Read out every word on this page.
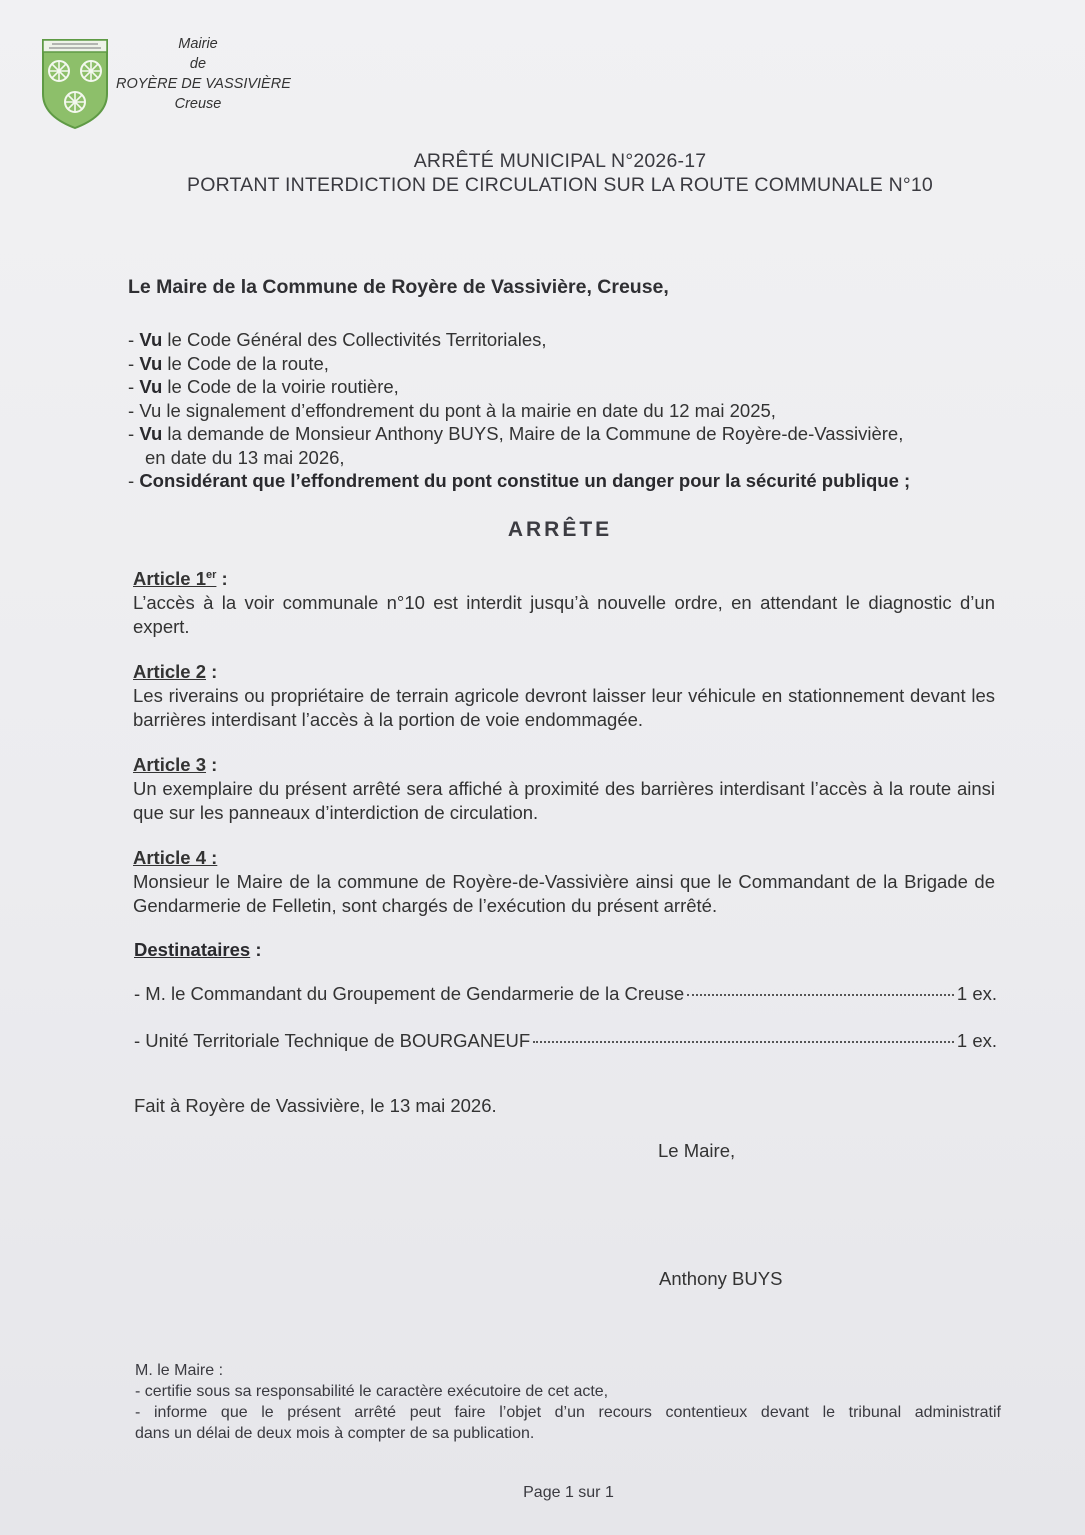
Mairie
de
ROYÈRE DE VASSIVIÈRE
Creuse
ARRÊTÉ MUNICIPAL N°2026-17
PORTANT INTERDICTION DE CIRCULATION SUR LA ROUTE COMMUNALE N°10
Le Maire de la Commune de Royère de Vassivière, Creuse,
- Vu le Code Général des Collectivités Territoriales,
- Vu le Code de la route,
- Vu le Code de la voirie routière,
- Vu le signalement d’effondrement du pont à la mairie en date du 12 mai 2025,
- Vu la demande de Monsieur Anthony BUYS, Maire de la Commune de Royère-de-Vassivière,
en date du 13 mai 2026,
- Considérant que l’effondrement du pont constitue un danger pour la sécurité publique ;
ARRÊTE
Article 1er :
L’accès à la voir communale n°10 est interdit jusqu’à nouvelle ordre, en attendant le diagnostic d’un expert.
Article 2 :
Les riverains ou propriétaire de terrain agricole devront laisser leur véhicule en stationnement devant les barrières interdisant l’accès à la portion de voie endommagée.
Article 3 :
Un exemplaire du présent arrêté sera affiché à proximité des barrières interdisant l’accès à la route ainsi que sur les panneaux d’interdiction de circulation.
Article 4 :
Monsieur le Maire de la commune de Royère-de-Vassivière ainsi que le Commandant de la Brigade de Gendarmerie de Felletin, sont chargés de l’exécution du présent arrêté.
Destinataires :
- M. le Commandant du Groupement de Gendarmerie de la Creuse	1 ex.
- Unité Territoriale Technique de BOURGANEUF	1 ex.
Fait à Royère de Vassivière, le 13 mai 2026.
Le Maire,
Anthony BUYS
M. le Maire :
- certifie sous sa responsabilité le caractère exécutoire de cet acte,
- informe que le présent arrêté peut faire l’objet d’un recours contentieux devant le tribunal administratif
dans un délai de deux mois à compter de sa publication.
Page 1 sur 1
